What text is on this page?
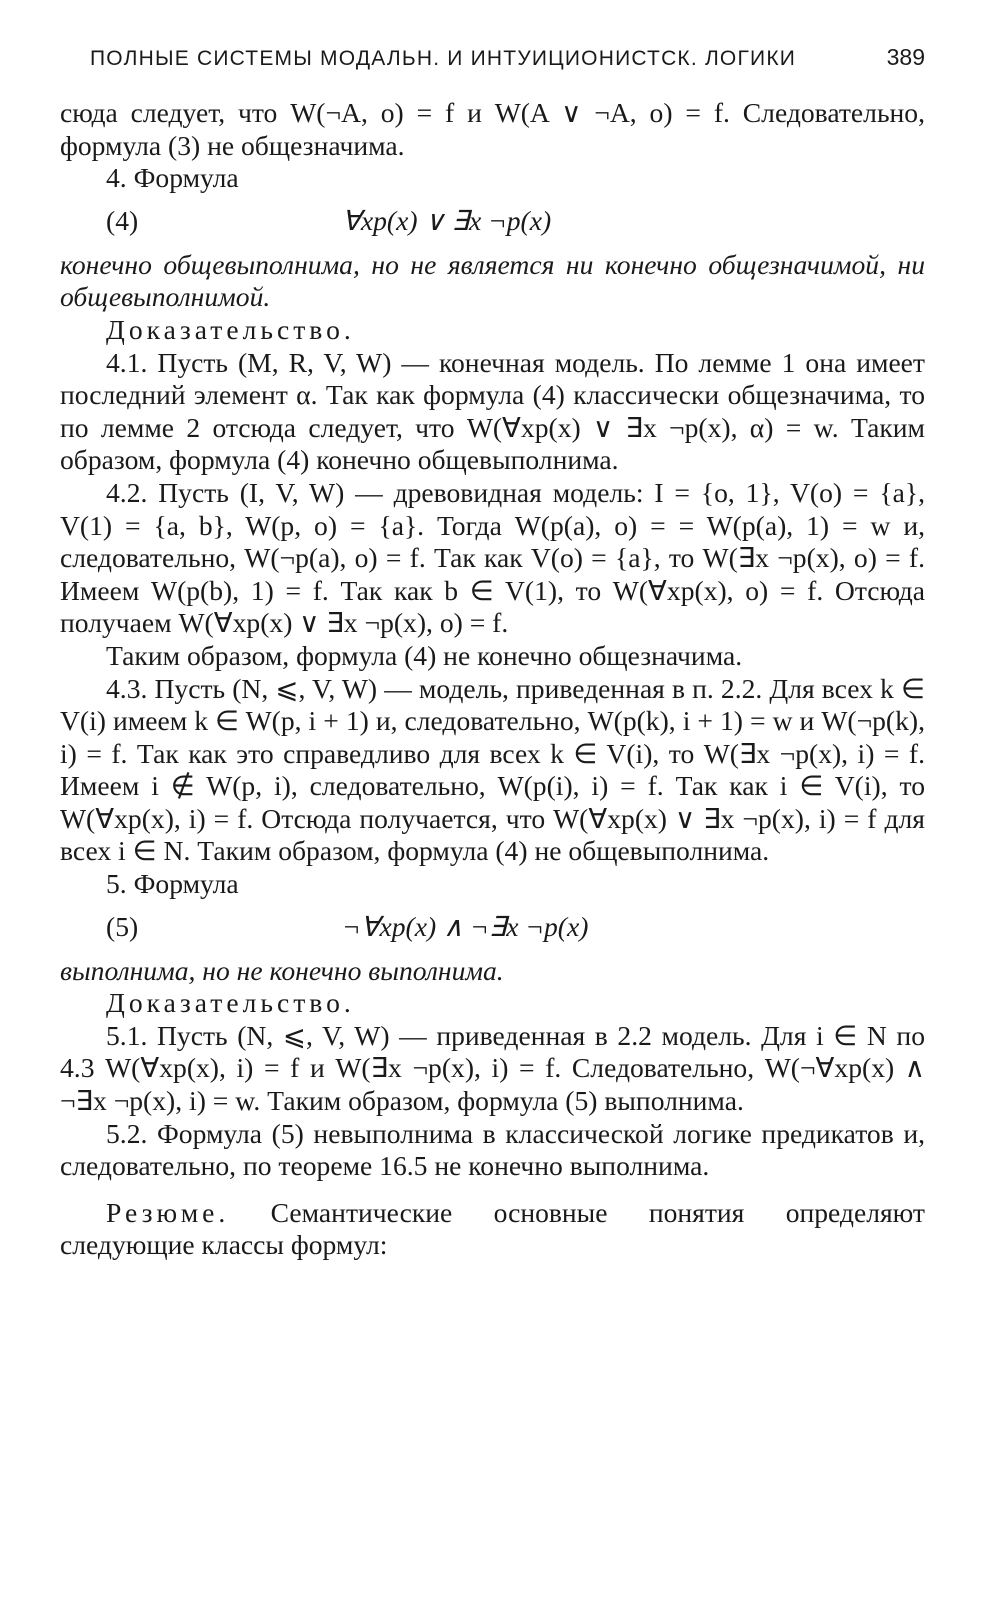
ПОЛНЫЕ СИСТЕМЫ МОДАЛЬН. И ИНТУИЦИОНИСТСК. ЛОГИКИ	389

сюда следует, что W(¬A, o) = f и W(A ∨ ¬A, o) = f. Следовательно, формула (3) не общезначима.

4. Формула

(4)	∀xp(x) ∨ ∃x ¬p(x)

конечно общевыполнима, но не является ни конечно общезначимой, ни общевыполнимой.

Доказательство.

4.1. Пусть (M, R, V, W) — конечная модель. По лемме 1 она имеет последний элемент α. Так как формула (4) классически общезначима, то по лемме 2 отсюда следует, что W(∀xp(x) ∨ ∃x ¬p(x), α) = w. Таким образом, формула (4) конечно общевыполнима.

4.2. Пусть (I, V, W) — древовидная модель: I = {o, 1}, V(o) = {a}, V(1) = {a, b}, W(p, o) = {a}. Тогда W(p(a), o) = = W(p(a), 1) = w и, следовательно, W(¬p(a), o) = f. Так как V(o) = {a}, то W(∃x ¬p(x), o) = f. Имеем W(p(b), 1) = f. Так как b ∈ V(1), то W(∀xp(x), o) = f. Отсюда получаем W(∀xp(x) ∨ ∃x ¬p(x), o) = f.

Таким образом, формула (4) не конечно общезначима.

4.3. Пусть (N, ⩽, V, W) — модель, приведенная в п. 2.2. Для всех k ∈ V(i) имеем k ∈ W(p, i + 1) и, следовательно, W(p(k), i + 1) = w и W(¬p(k), i) = f. Так как это справедливо для всех k ∈ V(i), то W(∃x ¬p(x), i) = f. Имеем i ∉ W(p, i), следовательно, W(p(i), i) = f. Так как i ∈ V(i), то W(∀xp(x), i) = f. Отсюда получается, что W(∀xp(x) ∨ ∃x ¬p(x), i) = f для всех i ∈ N. Таким образом, формула (4) не общевыполнима.

5. Формула

(5)	¬∀xp(x) ∧ ¬∃x ¬p(x)

выполнима, но не конечно выполнима.

Доказательство.

5.1. Пусть (N, ⩽, V, W) — приведенная в 2.2 модель. Для i ∈ N по 4.3 W(∀xp(x), i) = f и W(∃x ¬p(x), i) = f. Следовательно, W(¬∀xp(x) ∧ ¬∃x ¬p(x), i) = w. Таким образом, формула (5) выполнима.

5.2. Формула (5) невыполнима в классической логике предикатов и, следовательно, по теореме 16.5 не конечно выполнима.

Резюме. Семантические основные понятия определяют следующие классы формул:
